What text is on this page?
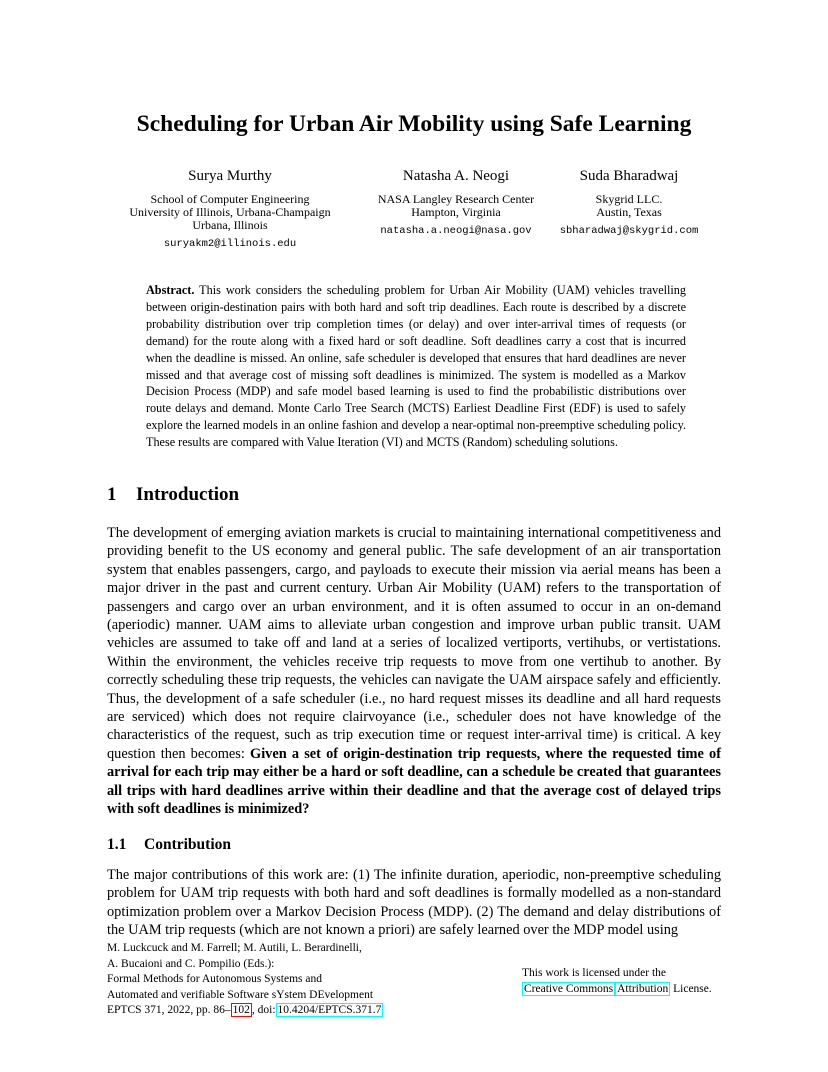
Scheduling for Urban Air Mobility using Safe Learning
Surya Murthy
School of Computer Engineering
University of Illinois, Urbana-Champaign
Urbana, Illinois
suryakm2@illinois.edu
Natasha A. Neogi
NASA Langley Research Center
Hampton, Virginia
natasha.a.neogi@nasa.gov
Suda Bharadwaj
Skygrid LLC.
Austin, Texas
sbharadwaj@skygrid.com
Abstract. This work considers the scheduling problem for Urban Air Mobility (UAM) vehicles travelling between origin-destination pairs with both hard and soft trip deadlines. Each route is described by a discrete probability distribution over trip completion times (or delay) and over inter-arrival times of requests (or demand) for the route along with a fixed hard or soft deadline. Soft deadlines carry a cost that is incurred when the deadline is missed. An online, safe scheduler is developed that ensures that hard deadlines are never missed and that average cost of missing soft deadlines is minimized. The system is modelled as a Markov Decision Process (MDP) and safe model based learning is used to find the probabilistic distributions over route delays and demand. Monte Carlo Tree Search (MCTS) Earliest Deadline First (EDF) is used to safely explore the learned models in an online fashion and develop a near-optimal non-preemptive scheduling policy. These results are compared with Value Iteration (VI) and MCTS (Random) scheduling solutions.
1 Introduction
The development of emerging aviation markets is crucial to maintaining international competitiveness and providing benefit to the US economy and general public. The safe development of an air transportation system that enables passengers, cargo, and payloads to execute their mission via aerial means has been a major driver in the past and current century. Urban Air Mobility (UAM) refers to the transportation of passengers and cargo over an urban environment, and it is often assumed to occur in an on-demand (aperiodic) manner. UAM aims to alleviate urban congestion and improve urban public transit. UAM vehicles are assumed to take off and land at a series of localized vertiports, vertihubs, or vertistations. Within the environment, the vehicles receive trip requests to move from one vertihub to another. By correctly scheduling these trip requests, the vehicles can navigate the UAM airspace safely and efficiently. Thus, the development of a safe scheduler (i.e., no hard request misses its deadline and all hard requests are serviced) which does not require clairvoyance (i.e., scheduler does not have knowledge of the characteristics of the request, such as trip execution time or request inter-arrival time) is critical. A key question then becomes: Given a set of origin-destination trip requests, where the requested time of arrival for each trip may either be a hard or soft deadline, can a schedule be created that guarantees all trips with hard deadlines arrive within their deadline and that the average cost of delayed trips with soft deadlines is minimized?
1.1 Contribution
The major contributions of this work are: (1) The infinite duration, aperiodic, non-preemptive scheduling problem for UAM trip requests with both hard and soft deadlines is formally modelled as a non-standard optimization problem over a Markov Decision Process (MDP). (2) The demand and delay distributions of the UAM trip requests (which are not known a priori) are safely learned over the MDP model using
M. Luckcuck and M. Farrell; M. Autili, L. Berardinelli,
A. Bucaioni and C. Pompilio (Eds.):
Formal Methods for Autonomous Systems and
Automated and verifiable Software sYstem DEvelopment
EPTCS 371, 2022, pp. 86– 102 , doi: 10.4204/EPTCS.371.7
This work is licensed under the
Creative Commons Attribution License.
